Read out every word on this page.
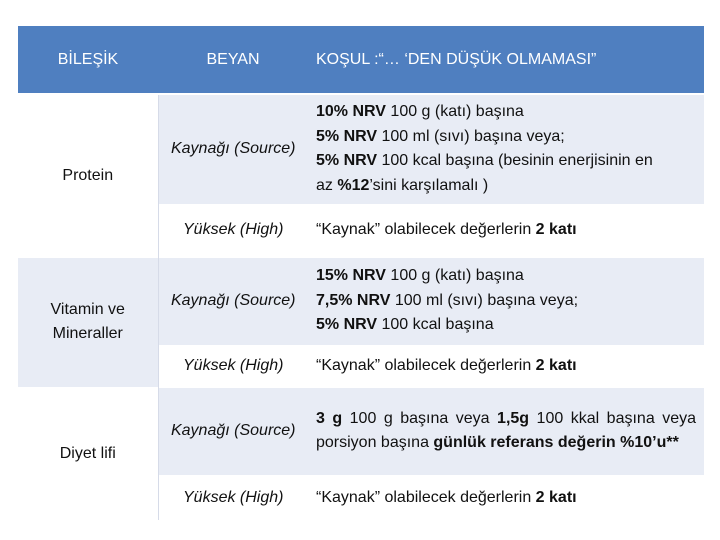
BİLEŞİK	BEYAN	KOŞUL :“… ‘DEN DÜŞÜK OLMAMASI”
Protein	Kaynağı (Source)	10% NRV 100 g (katı) başına
5% NRV 100 ml (sıvı) başına veya;
5% NRV 100 kcal başına (besinin enerjisinin en
az %12’sini karşılamalı )

	Yüksek (High)	“Kaynak” olabilecek değerlerin 2 katı
Vitamin ve Mineraller	Kaynağı (Source)	15% NRV 100 g (katı) başına
7,5% NRV 100 ml (sıvı) başına veya;
5% NRV 100 kcal başına

	Yüksek (High)	“Kaynak” olabilecek değerlerin 2 katı
Diyet lifi	Kaynağı (Source)	3 g 100 g başına veya 1,5g 100 kkal başına veya porsiyon başına günlük referans değerin %10’u**
	Yüksek (High)	“Kaynak” olabilecek değerlerin 2 katı
